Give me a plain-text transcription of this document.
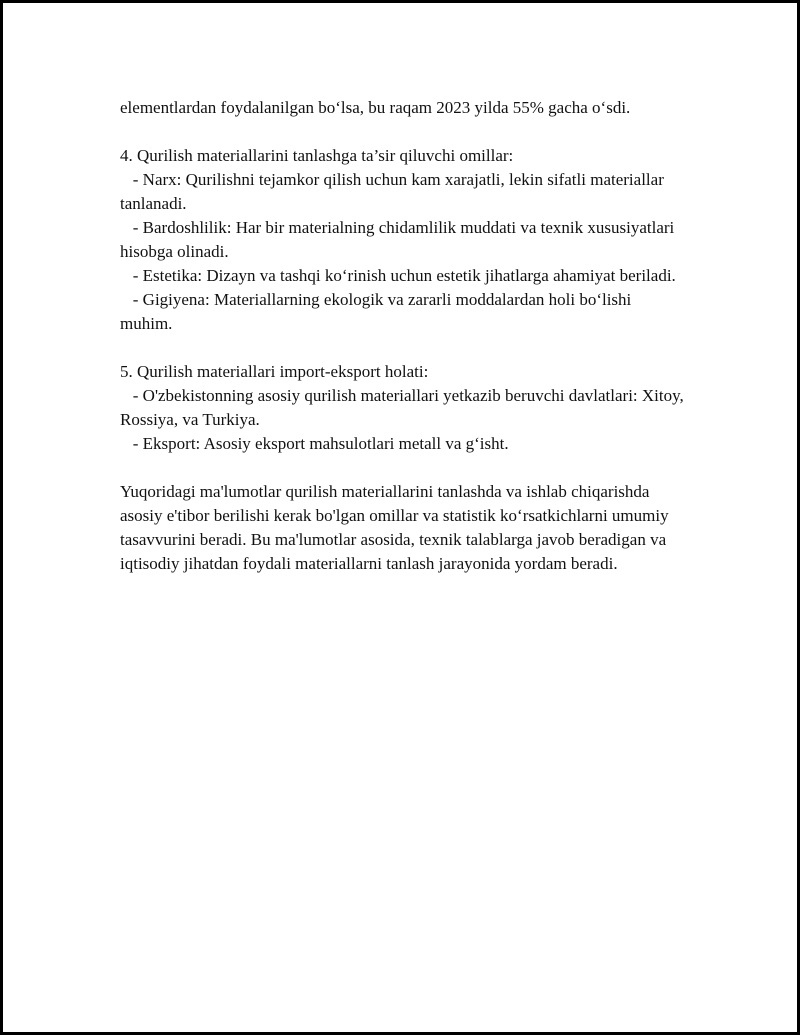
elementlardan foydalanilgan bo‘lsa, bu raqam 2023 yilda 55% gacha o‘sdi.

4. Qurilish materiallarini tanlashga ta’sir qiluvchi omillar:

- Narx: Qurilishni tejamkor qilish uchun kam xarajatli, lekin sifatli materiallar tanlanadi.

- Bardoshlilik: Har bir materialning chidamlilik muddati va texnik xususiyatlari hisobga olinadi.

- Estetika: Dizayn va tashqi ko‘rinish uchun estetik jihatlarga ahamiyat beriladi.

- Gigiyena: Materiallarning ekologik va zararli moddalardan holi bo‘lishi muhim.

5. Qurilish materiallari import-eksport holati:

- O'zbekistonning asosiy qurilish materiallari yetkazib beruvchi davlatlari: Xitoy, Rossiya, va Turkiya.

- Eksport: Asosiy eksport mahsulotlari metall va g‘isht.

Yuqoridagi ma'lumotlar qurilish materiallarini tanlashda va ishlab chiqarishda asosiy e'tibor berilishi kerak bo'lgan omillar va statistik ko‘rsatkichlarni umumiy tasavvurini beradi. Bu ma'lumotlar asosida, texnik talablarga javob beradigan va iqtisodiy jihatdan foydali materiallarni tanlash jarayonida yordam beradi.
